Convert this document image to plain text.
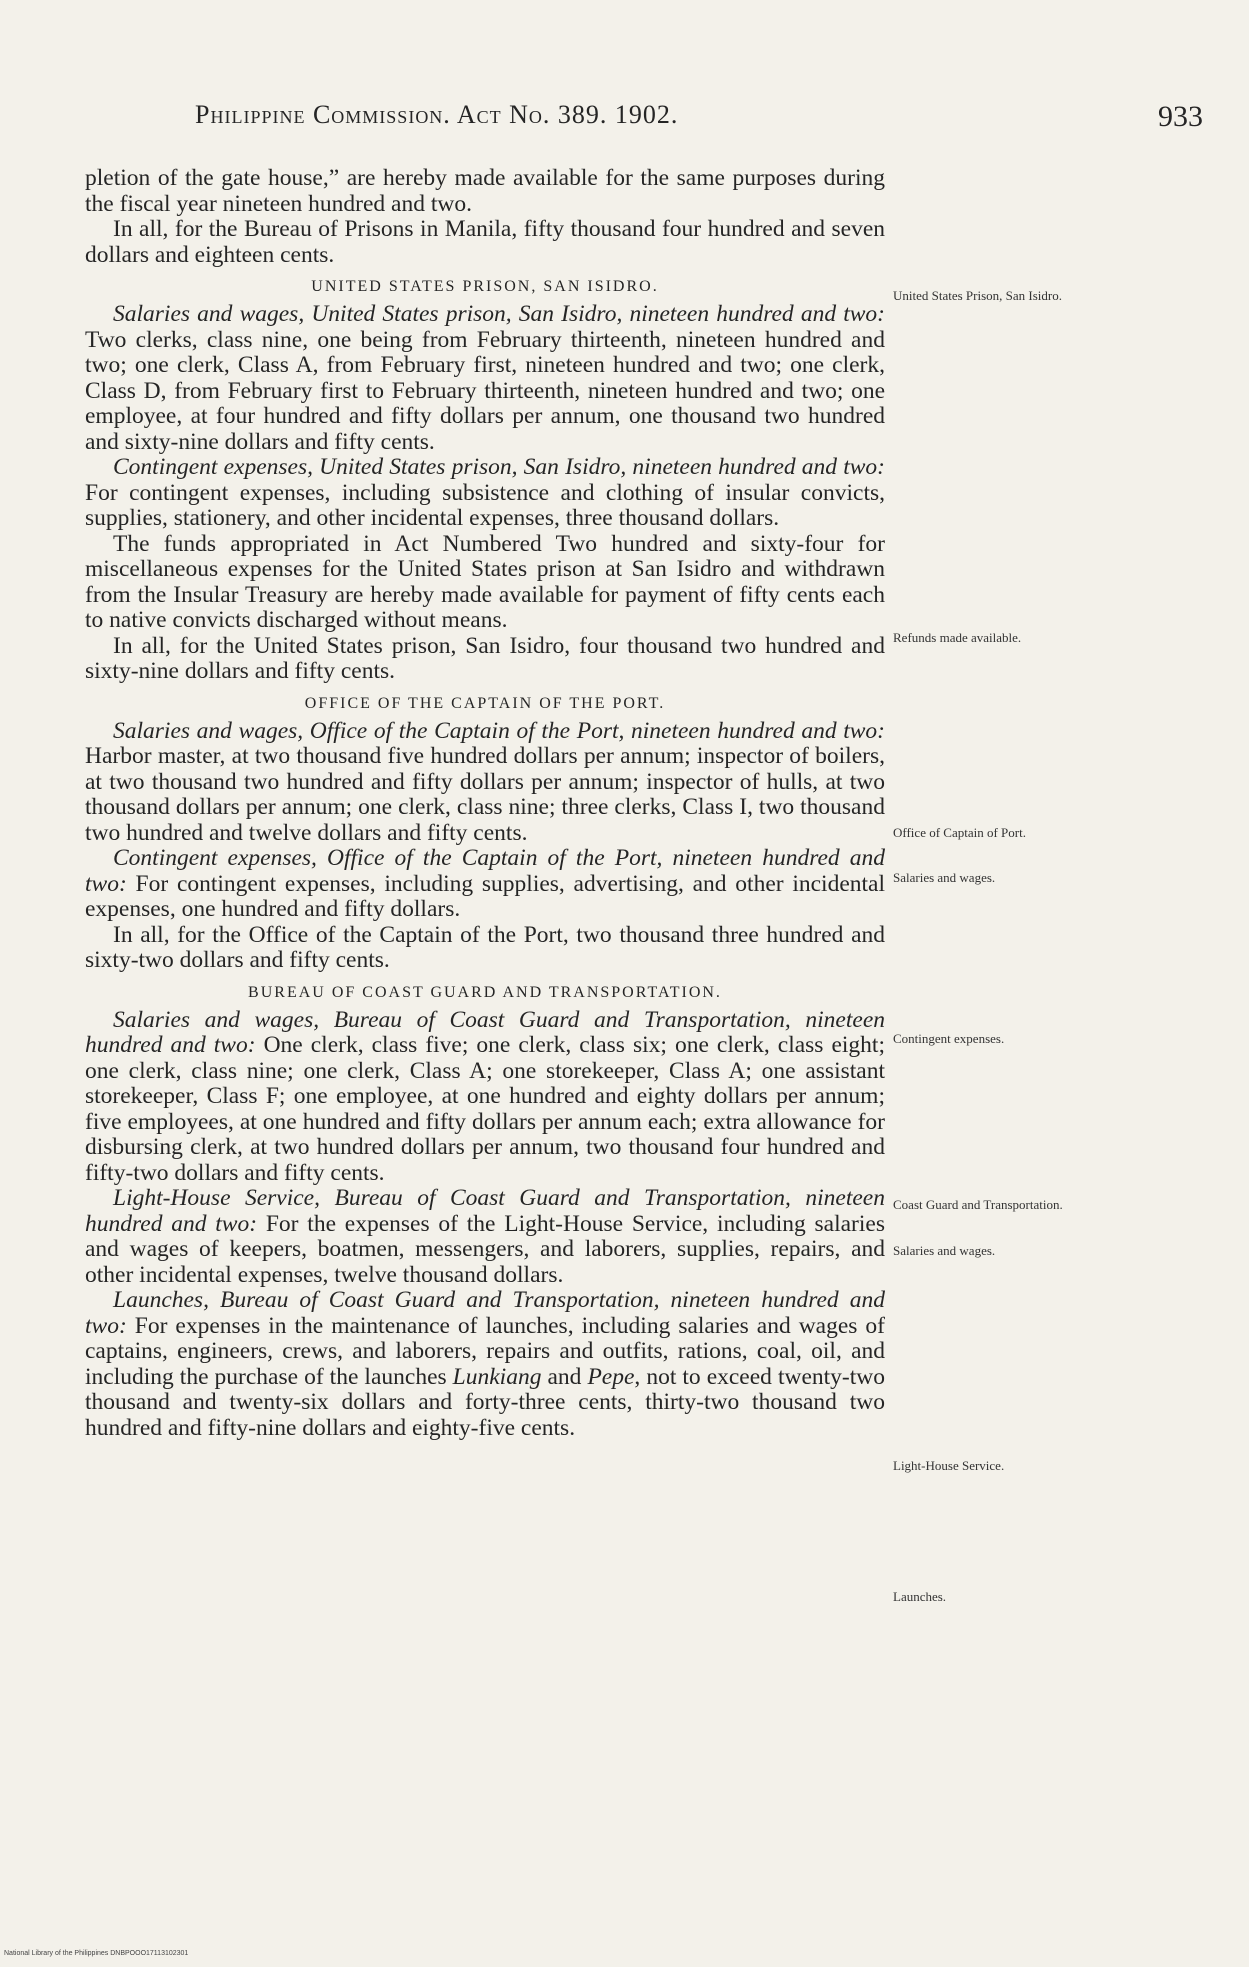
Philippine Commission. Act No. 389. 1902.	933

pletion of the gate house,” are hereby made available for the same purposes during the fiscal year nineteen hundred and two.

In all, for the Bureau of Prisons in Manila, fifty thousand four hundred and seven dollars and eighteen cents.

UNITED STATES PRISON, SAN ISIDRO.

Salaries and wages, United States prison, San Isidro, nineteen hundred and two: Two clerks, class nine, one being from February thirteenth, nineteen hundred and two; one clerk, Class A, from February first, nineteen hundred and two; one clerk, Class D, from February first to February thirteenth, nineteen hundred and two; one employee, at four hundred and fifty dollars per annum, one thousand two hundred and sixty-nine dollars and fifty cents.

Contingent expenses, United States prison, San Isidro, nineteen hundred and two: For contingent expenses, including subsistence and clothing of insular convicts, supplies, stationery, and other incidental expenses, three thousand dollars.

The funds appropriated in Act Numbered Two hundred and sixty-four for miscellaneous expenses for the United States prison at San Isidro and withdrawn from the Insular Treasury are hereby made available for payment of fifty cents each to native convicts discharged without means.

In all, for the United States prison, San Isidro, four thousand two hundred and sixty-nine dollars and fifty cents.

OFFICE OF THE CAPTAIN OF THE PORT.

Salaries and wages, Office of the Captain of the Port, nineteen hundred and two: Harbor master, at two thousand five hundred dollars per annum; inspector of boilers, at two thousand two hundred and fifty dollars per annum; inspector of hulls, at two thousand dollars per annum; one clerk, class nine; three clerks, Class I, two thousand two hundred and twelve dollars and fifty cents.

Contingent expenses, Office of the Captain of the Port, nineteen hundred and two: For contingent expenses, including supplies, advertising, and other incidental expenses, one hundred and fifty dollars.

In all, for the Office of the Captain of the Port, two thousand three hundred and sixty-two dollars and fifty cents.

BUREAU OF COAST GUARD AND TRANSPORTATION.

Salaries and wages, Bureau of Coast Guard and Transportation, nineteen hundred and two: One clerk, class five; one clerk, class six; one clerk, class eight; one clerk, class nine; one clerk, Class A; one storekeeper, Class A; one assistant storekeeper, Class F; one employee, at one hundred and eighty dollars per annum; five employees, at one hundred and fifty dollars per annum each; extra allowance for disbursing clerk, at two hundred dollars per annum, two thousand four hundred and fifty-two dollars and fifty cents.

Light-House Service, Bureau of Coast Guard and Transportation, nineteen hundred and two: For the expenses of the Light-House Service, including salaries and wages of keepers, boatmen, messengers, and laborers, supplies, repairs, and other incidental expenses, twelve thousand dollars.

Launches, Bureau of Coast Guard and Transportation, nineteen hundred and two: For expenses in the maintenance of launches, including salaries and wages of captains, engineers, crews, and laborers, repairs and outfits, rations, coal, oil, and including the purchase of the launches Lunkiang and Pepe, not to exceed twenty-two thousand and twenty-six dollars and forty-three cents, thirty-two thousand two hundred and fifty-nine dollars and eighty-five cents.

United States Prison, San Isidro.
Refunds made available.
Office of Captain of Port.
Salaries and wages.
Contingent expenses.
Coast Guard and Transportation.
Salaries and wages.
Light-House Service.
Launches.
National Library of the Philippines DNBPOOO17113102301
